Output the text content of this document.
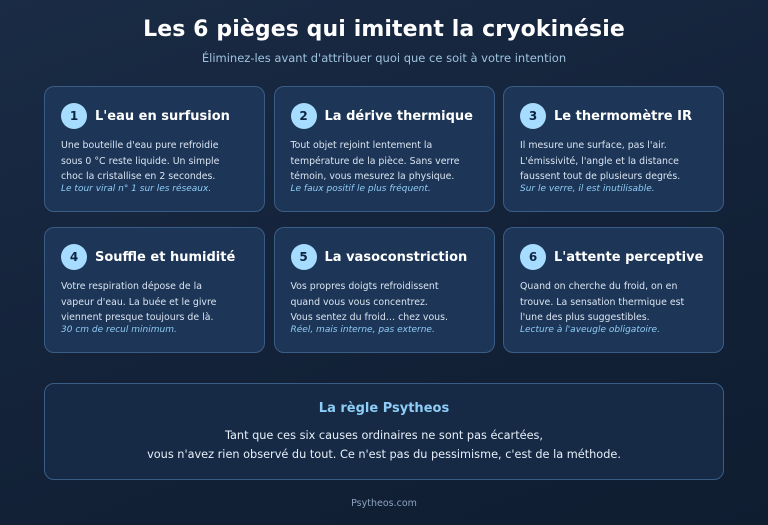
Les 6 pièges qui imitent la cryokinésie
Éliminez-les avant d'attribuer quoi que ce soit à votre intention
1	L'eau en surfusion
Une bouteille d'eau pure refroidie
sous 0 °C reste liquide. Un simple
choc la cristallise en 2 secondes.
Le tour viral n° 1 sur les réseaux.
2	La dérive thermique
Tout objet rejoint lentement la
température de la pièce. Sans verre
témoin, vous mesurez la physique.
Le faux positif le plus fréquent.
3	Le thermomètre IR
Il mesure une surface, pas l'air.
L'émissivité, l'angle et la distance
faussent tout de plusieurs degrés.
Sur le verre, il est inutilisable.
4	Souffle et humidité
Votre respiration dépose de la
vapeur d'eau. La buée et le givre
viennent presque toujours de là.
30 cm de recul minimum.
5	La vasoconstriction
Vos propres doigts refroidissent
quand vous vous concentrez.
Vous sentez du froid… chez vous.
Réel, mais interne, pas externe.
6	L'attente perceptive
Quand on cherche du froid, on en
trouve. La sensation thermique est
l'une des plus suggestibles.
Lecture à l'aveugle obligatoire.
La règle Psytheos
Tant que ces six causes ordinaires ne sont pas écartées,
vous n'avez rien observé du tout. Ce n'est pas du pessimisme, c'est de la méthode.
Psytheos.com
